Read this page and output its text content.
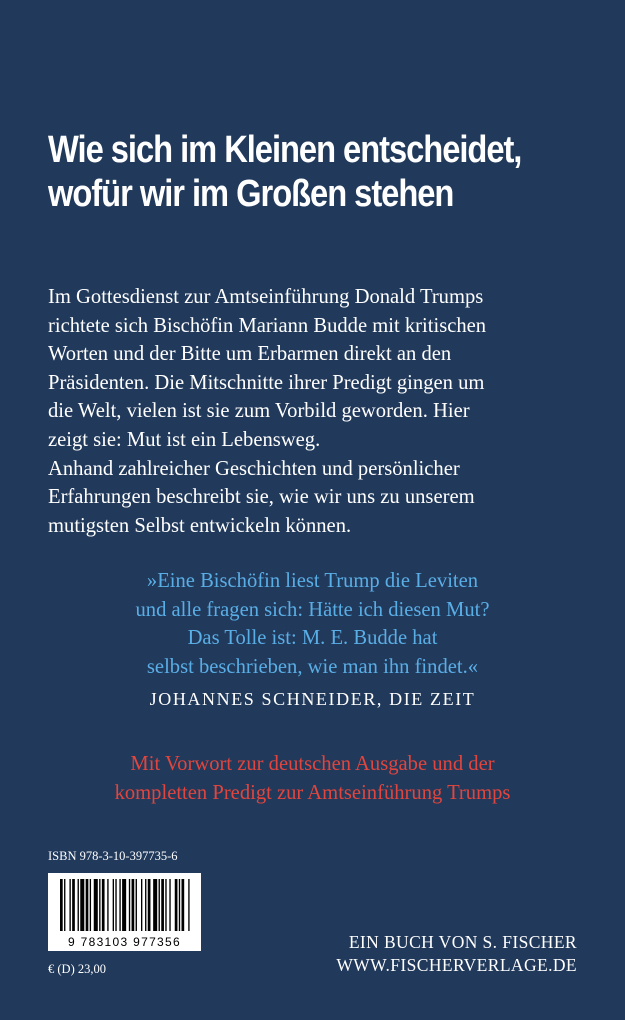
Wie sich im Kleinen entscheidet,
wofür wir im Großen stehen
Im Gottesdienst zur Amtseinführung Donald Trumps
richtete sich Bischöfin Mariann Budde mit kritischen
Worten und der Bitte um Erbarmen direkt an den
Präsidenten. Die Mitschnitte ihrer Predigt gingen um
die Welt, vielen ist sie zum Vorbild geworden. Hier
zeigt sie: Mut ist ein Lebensweg.
Anhand zahlreicher Geschichten und persönlicher
Erfahrungen beschreibt sie, wie wir uns zu unserem
mutigsten Selbst entwickeln können.
»Eine Bischöfin liest Trump die Leviten
und alle fragen sich: Hätte ich diesen Mut?
Das Tolle ist: M. E. Budde hat
selbst beschrieben, wie man ihn findet.«
JOHANNES SCHNEIDER, DIE ZEIT
Mit Vorwort zur deutschen Ausgabe und der
kompletten Predigt zur Amtseinführung Trumps
ISBN 978-3-10-397735-6
9 783103 977356
€ (D) 23,00
EIN BUCH VON S. FISCHER
WWW.FISCHERVERLAGE.DE
